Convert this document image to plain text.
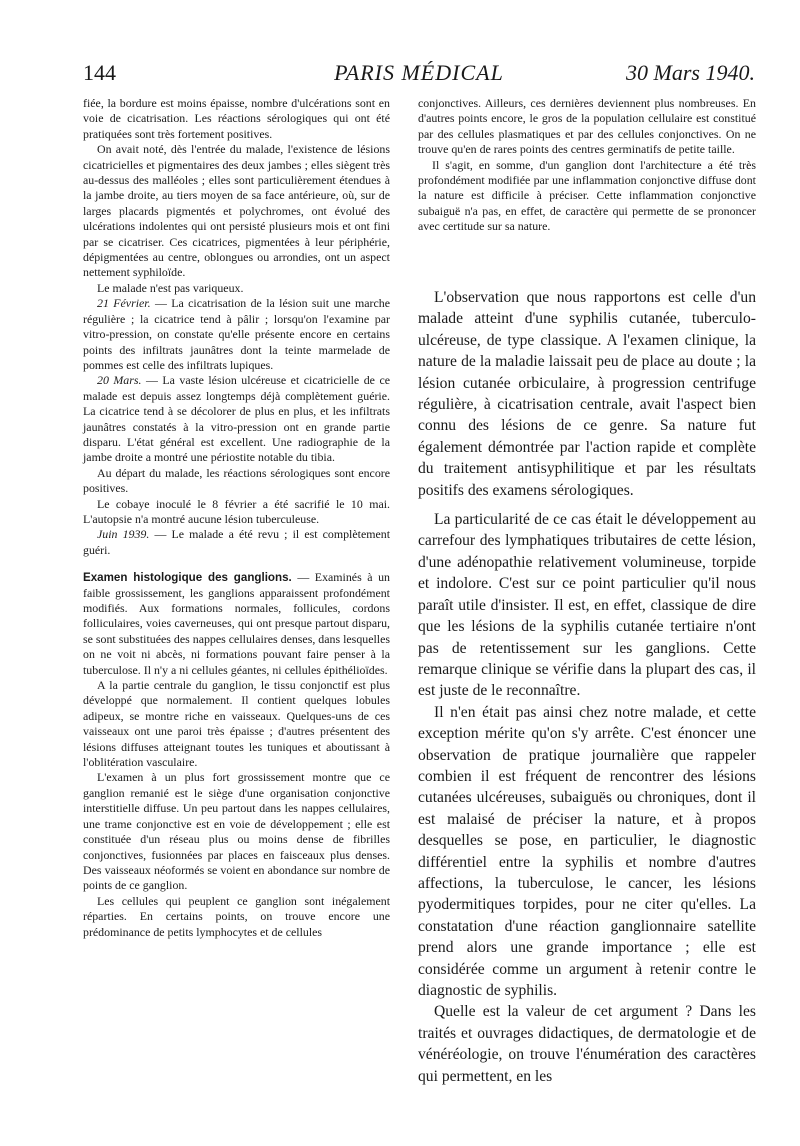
144	PARIS MÉDICAL	30 Mars 1940.

fiée, la bordure est moins épaisse, nombre d'ulcérations sont en voie de cicatrisation. Les réactions sérologiques qui ont été pratiquées sont très fortement positives.

On avait noté, dès l'entrée du malade, l'existence de lésions cicatricielles et pigmentaires des deux jambes ; elles siègent très au-dessus des malléoles ; elles sont particulièrement étendues à la jambe droite, au tiers moyen de sa face antérieure, où, sur de larges placards pigmentés et polychromes, ont évolué des ulcérations indolentes qui ont persisté plusieurs mois et ont fini par se cicatriser. Ces cicatrices, pigmentées à leur périphérie, dépigmentées au centre, oblongues ou arrondies, ont un aspect nettement syphiloïde.

Le malade n'est pas variqueux.

21 Février. — La cicatrisation de la lésion suit une marche régulière ; la cicatrice tend à pâlir ; lorsqu'on l'examine par vitro-pression, on constate qu'elle présente encore en certains points des infiltrats jaunâtres dont la teinte marmelade de pommes est celle des infiltrats lupiques.

20 Mars. — La vaste lésion ulcéreuse et cicatricielle de ce malade est depuis assez longtemps déjà complètement guérie. La cicatrice tend à se décolorer de plus en plus, et les infiltrats jaunâtres constatés à la vitro-pression ont en grande partie disparu. L'état général est excellent. Une radiographie de la jambe droite a montré une périostite notable du tibia.

Au départ du malade, les réactions sérologiques sont encore positives.

Le cobaye inoculé le 8 février a été sacrifié le 10 mai. L'autopsie n'a montré aucune lésion tuberculeuse.

Juin 1939. — Le malade a été revu ; il est complètement guéri.

Examen histologique des ganglions. — Examinés à un faible grossissement, les ganglions apparaissent profondément modifiés. Aux formations normales, follicules, cordons folliculaires, voies caverneuses, qui ont presque partout disparu, se sont substituées des nappes cellulaires denses, dans lesquelles on ne voit ni abcès, ni formations pouvant faire penser à la tuberculose. Il n'y a ni cellules géantes, ni cellules épithélioïdes.

A la partie centrale du ganglion, le tissu conjonctif est plus développé que normalement. Il contient quelques lobules adipeux, se montre riche en vaisseaux. Quelques-uns de ces vaisseaux ont une paroi très épaisse ; d'autres présentent des lésions diffuses atteignant toutes les tuniques et aboutissant à l'oblitération vasculaire.

L'examen à un plus fort grossissement montre que ce ganglion remanié est le siège d'une organisation conjonctive interstitielle diffuse. Un peu partout dans les nappes cellulaires, une trame conjonctive est en voie de développement ; elle est constituée d'un réseau plus ou moins dense de fibrilles conjonctives, fusionnées par places en faisceaux plus denses. Des vaisseaux néoformés se voient en abondance sur nombre de points de ce ganglion.

Les cellules qui peuplent ce ganglion sont inégalement réparties. En certains points, on trouve encore une prédominance de petits lymphocytes et de cellules

conjonctives. Ailleurs, ces dernières deviennent plus nombreuses. En d'autres points encore, le gros de la population cellulaire est constitué par des cellules plasmatiques et par des cellules conjonctives. On ne trouve qu'en de rares points des centres germinatifs de petite taille.

Il s'agit, en somme, d'un ganglion dont l'architecture a été très profondément modifiée par une inflammation conjonctive diffuse dont la nature est difficile à préciser. Cette inflammation conjonctive subaiguë n'a pas, en effet, de caractère qui permette de se prononcer avec certitude sur sa nature.

L'observation que nous rapportons est celle d'un malade atteint d'une syphilis cutanée, tuberculo-ulcéreuse, de type classique. A l'examen clinique, la nature de la maladie laissait peu de place au doute ; la lésion cutanée orbiculaire, à progression centrifuge régulière, à cicatrisation centrale, avait l'aspect bien connu des lésions de ce genre. Sa nature fut également démontrée par l'action rapide et complète du traitement antisyphilitique et par les résultats positifs des examens sérologiques.

La particularité de ce cas était le développement au carrefour des lymphatiques tributaires de cette lésion, d'une adénopathie relativement volumineuse, torpide et indolore. C'est sur ce point particulier qu'il nous paraît utile d'insister. Il est, en effet, classique de dire que les lésions de la syphilis cutanée tertiaire n'ont pas de retentissement sur les ganglions. Cette remarque clinique se vérifie dans la plupart des cas, il est juste de le reconnaître.

Il n'en était pas ainsi chez notre malade, et cette exception mérite qu'on s'y arrête. C'est énoncer une observation de pratique journalière que rappeler combien il est fréquent de rencontrer des lésions cutanées ulcéreuses, subaiguës ou chroniques, dont il est malaisé de préciser la nature, et à propos desquelles se pose, en particulier, le diagnostic différentiel entre la syphilis et nombre d'autres affections, la tuberculose, le cancer, les lésions pyodermitiques torpides, pour ne citer qu'elles. La constatation d'une réaction ganglionnaire satellite prend alors une grande importance ; elle est considérée comme un argument à retenir contre le diagnostic de syphilis.

Quelle est la valeur de cet argument ? Dans les traités et ouvrages didactiques, de dermatologie et de vénéréologie, on trouve l'énumération des caractères qui permettent, en les
